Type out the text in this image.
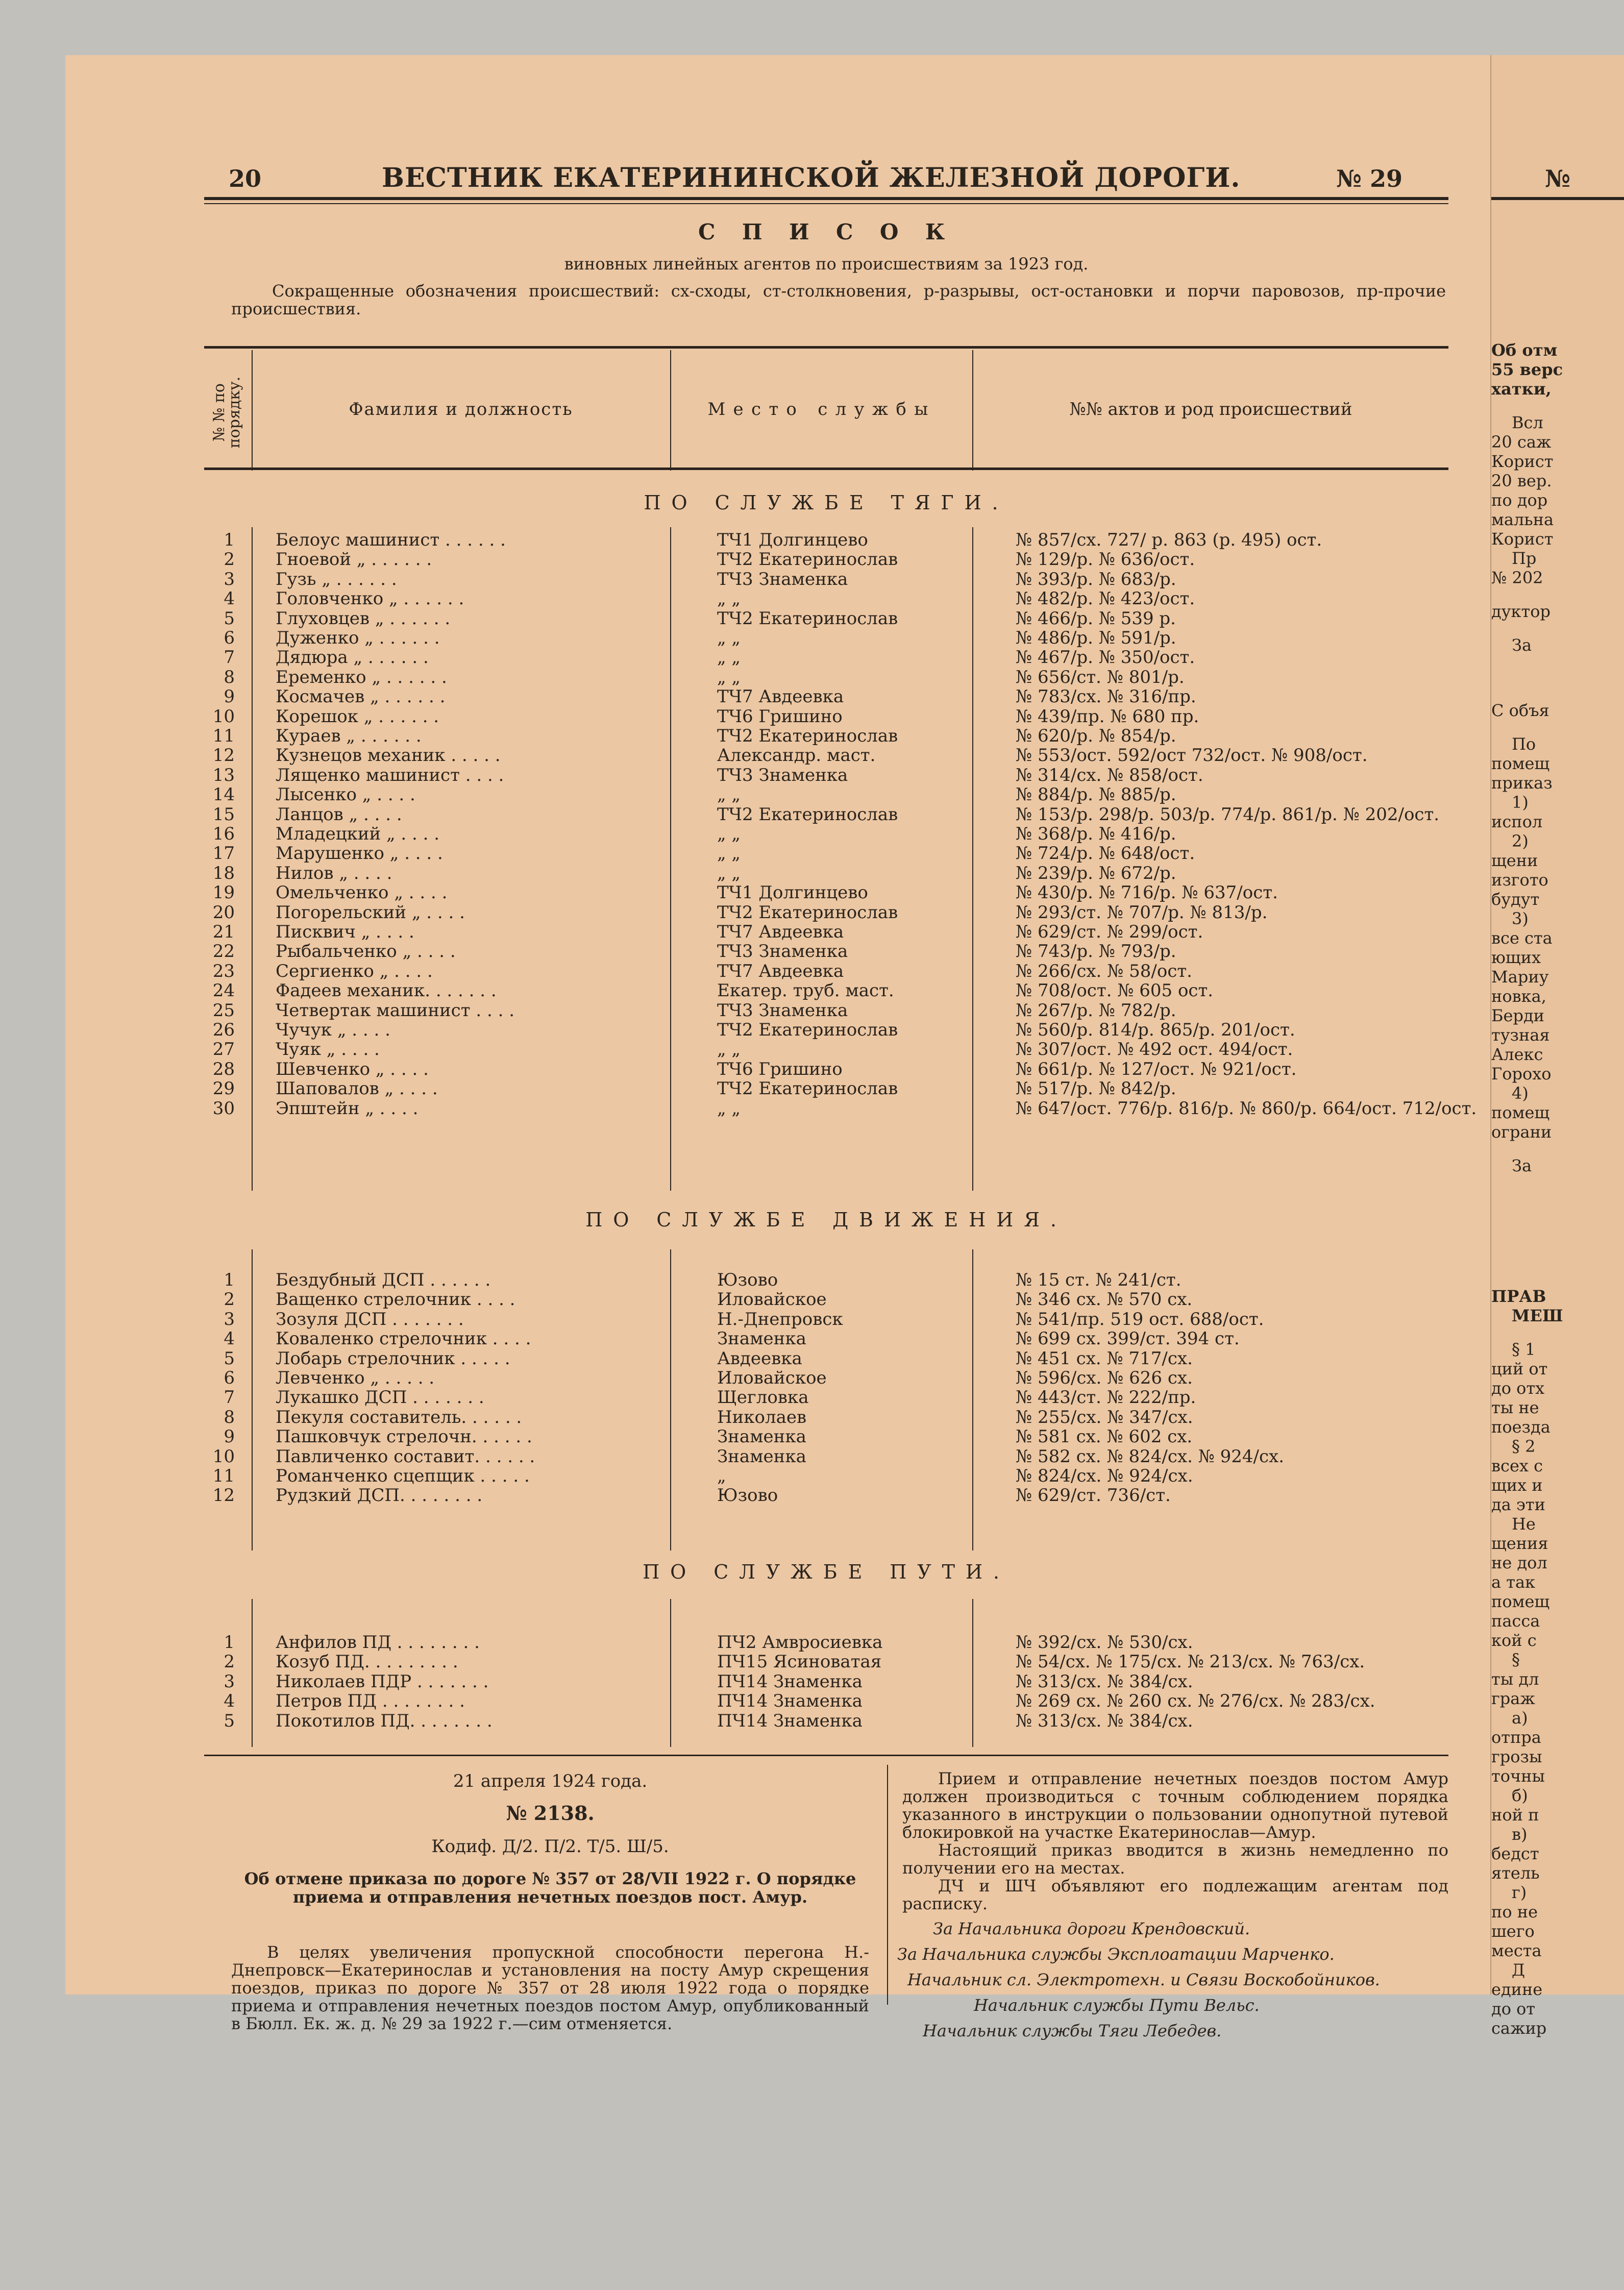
20	ВЕСТНИК ЕКАТЕРИНИНСКОЙ ЖЕЛЕЗНОЙ ДОРОГИ.	№ 29
С П И С О К
виновных линейных агентов по происшествиям за 1923 год.
Сокращенные обозначения происшествий: сх-сходы, ст-столкновения, р-разрывы, ост-остановки и порчи паровозов, пр-прочие происшествия.
№ № по порядку.	Фамилия и должность	Место службы	№№ актов и род происшествий
ПО СЛУЖБЕ ТЯГИ.
1 Белоус машинист . . . . . .	ТЧ1 Долгинцево	№ 857/сх. 727/ р. 863 (р. 495) ост.
2 Гноевой „ . . . . . .	ТЧ2 Екатеринослав	№ 129/р. № 636/ост.
3 Гузь „ . . . . . .	ТЧ3 Знаменка	№ 393/р. № 683/р.
4 Головченко „ . . . . . .	„ „	№ 482/р. № 423/ост.
5 Глуховцев „ . . . . . .	ТЧ2 Екатеринослав	№ 466/р. № 539 р.
6 Дуженко „ . . . . . .	„ „	№ 486/р. № 591/р.
7 Дядюра „ . . . . . .	„ „	№ 467/р. № 350/ост.
8 Еременко „ . . . . . .	„ „	№ 656/ст. № 801/р.
9 Космачев „ . . . . . .	ТЧ7 Авдеевка	№ 783/сх. № 316/пр.
10 Корешок „ . . . . . .	ТЧ6 Гришино	№ 439/пр. № 680 пр.
11 Кураев „ . . . . . .	ТЧ2 Екатеринослав	№ 620/р. № 854/р.
12 Кузнецов механик . . . . .	Александр. маст.	№ 553/ост. 592/ост 732/ост. № 908/ост.
13 Лященко машинист . . . .	ТЧ3 Знаменка	№ 314/сх. № 858/ост.
14 Лысенко „ . . . .	„ „	№ 884/р. № 885/р.
15 Ланцов „ . . . .	ТЧ2 Екатеринослав	№ 153/р. 298/р. 503/р. 774/р. 861/р. № 202/ост.
16 Младецкий „ . . . .	„ „	№ 368/р. № 416/р.
17 Марушенко „ . . . .	„ „	№ 724/р. № 648/ост.
18 Нилов „ . . . .	„ „	№ 239/р. № 672/р.
19 Омельченко „ . . . .	ТЧ1 Долгинцево	№ 430/р. № 716/р. № 637/ост.
20 Погорельский „ . . . .	ТЧ2 Екатеринослав	№ 293/ст. № 707/р. № 813/р.
21 Писквич „ . . . .	ТЧ7 Авдеевка	№ 629/ст. № 299/ост.
22 Рыбальченко „ . . . .	ТЧ3 Знаменка	№ 743/р. № 793/р.
23 Сергиенко „ . . . .	ТЧ7 Авдеевка	№ 266/сх. № 58/ост.
24 Фадеев механик. . . . . . .	Екатер. труб. маст.	№ 708/ост. № 605 ост.
25 Четвертак машинист . . . .	ТЧ3 Знаменка	№ 267/р. № 782/р.
26 Чучук „ . . . .	ТЧ2 Екатеринослав	№ 560/р. 814/р. 865/р. 201/ост.
27 Чуяк „ . . . .	„ „	№ 307/ост. № 492 ост. 494/ост.
28 Шевченко „ . . . .	ТЧ6 Гришино	№ 661/р. № 127/ост. № 921/ост.
29 Шаповалов „ . . . .	ТЧ2 Екатеринослав	№ 517/р. № 842/р.
30 Эпштейн „ . . . .	„ „	№ 647/ост. 776/р. 816/р. № 860/р. 664/ост. 712/ост.
ПО СЛУЖБЕ ДВИЖЕНИЯ.
1 Бездубный ДСП . . . . . .	Юзово	№ 15 ст. № 241/ст.
2 Ващенко стрелочник . . . .	Иловайское	№ 346 сх. № 570 сх.
3 Зозуля ДСП . . . . . . .	Н.-Днепровск	№ 541/пр. 519 ост. 688/ост.
4 Коваленко стрелочник . . . .	Знаменка	№ 699 сх. 399/ст. 394 ст.
5 Лобарь стрелочник . . . . .	Авдеевка	№ 451 сх. № 717/сх.
6 Левченко „ . . . . .	Иловайское	№ 596/сх. № 626 сх.
7 Лукашко ДСП . . . . . . .	Щегловка	№ 443/ст. № 222/пр.
8 Пекуля составитель. . . . . .	Николаев	№ 255/сх. № 347/сх.
9 Пашковчук стрелочн. . . . . .	Знаменка	№ 581 сх. № 602 сх.
10 Павличенко составит. . . . . .	Знаменка	№ 582 сх. № 824/сх. № 924/сх.
11 Романченко сцепщик . . . . .	„	№ 824/сх. № 924/сх.
12 Рудзкий ДСП. . . . . . . .	Юзово	№ 629/ст. 736/ст.
ПО СЛУЖБЕ ПУТИ.
1 Анфилов ПД . . . . . . . .	ПЧ2 Амвросиевка	№ 392/сх. № 530/сх.
2 Козуб ПД. . . . . . . . .	ПЧ15 Ясиноватая	№ 54/сх. № 175/сх. № 213/сх. № 763/сх.
3 Николаев ПДР . . . . . . .	ПЧ14 Знаменка	№ 313/сх. № 384/сх.
4 Петров ПД . . . . . . . .	ПЧ14 Знаменка	№ 269 сх. № 260 сх. № 276/сх. № 283/сх.
5 Покотилов ПД. . . . . . . .	ПЧ14 Знаменка	№ 313/сх. № 384/сх.
21 апреля 1924 года.
№ 2138.
Кодиф. Д/2. П/2. Т/5. Ш/5.
Об отмене приказа по дороге № 357 от 28/VII 1922 г. О порядке приема и отправления нечетных поездов пост. Амур.
В целях увеличения пропускной способности перегона Н.-Днепровск—Екатеринослав и установления на посту Амур скрещения поездов, приказ по дороге № 357 от 28 июля 1922 года о порядке приема и отправления нечетных поездов постом Амур, опубликованный в Бюлл. Ек. ж. д. № 29 за 1922 г.—сим отменяется.
Прием и отправление нечетных поездов постом Амур должен производиться с точным соблюдением порядка указанного в инструкции о пользовании однопутной путевой блокировкой на участке Екатеринослав—Амур.
Настоящий приказ вводится в жизнь немедленно по получении его на местах.
ДЧ и ШЧ объявляют его подлежащим агентам под расписку.
За Начальника дороги Крендовский.
За Начальника службы Эксплоатации Марченко.
Начальник сл. Электротехн. и Связи Воскобойников.
Начальник службы Пути Вельс.
Начальник службы Тяги Лебедев.
№
Об отм
55 верс
хатки,
Всл
20 саж
Корист
20 вер.
по дор
мальна
Корист
Пр
№ 202
дуктор
За
С объя
По
помещ
приказ
1)
испол
2)
щени
изгото
будут
3)
все ста
ющих
Мариу
новка,
Берди
тузная
Алекс
Горохо
4)
помещ
ограни
За
ПРАВ
МЕШ
§ 1
ций от
до отх
ты не
поезда
§ 2
всех с
щих и
да эти
Не
щения
не дол
а так
помещ
пасса
кой с
§
ты дл
граж
а)
отпра
грозы
точны
б)
ной п
в)
бедст
ятель
г)
по не
шего
места
Д
едине
до от
сажир
